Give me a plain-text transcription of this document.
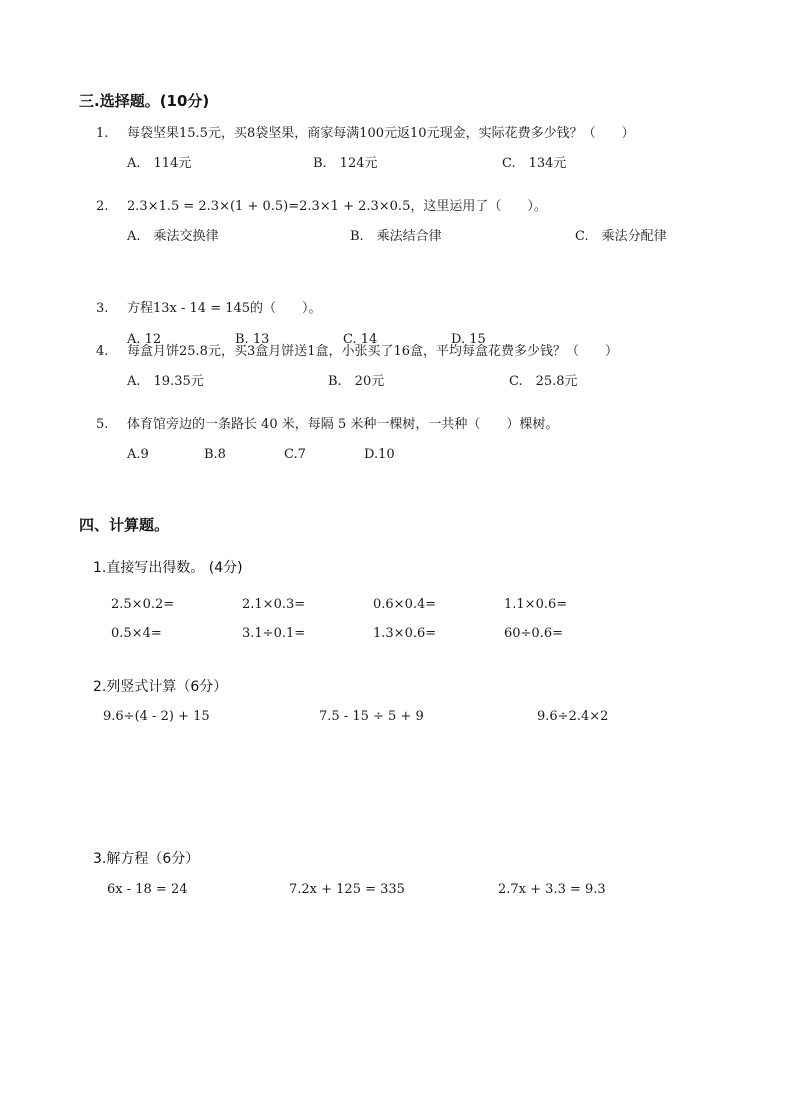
三.选择题。(10分)
1. 每袋坚果15.5元，买8袋坚果，商家每满100元返10元现金，实际花费多少钱？（　　）
A.　114元	B.　124元	C.　134元
2. 2.3×1.5 = 2.3×(1 + 0.5)=2.3×1 + 2.3×0.5，这里运用了（　　）。
A.　乘法交换律	B.　乘法结合律	C.　乘法分配律
3. 方程13x - 14 = 145的（　　）。
A. 12	B. 13	C. 14	D. 15
4. 每盒月饼25.8元，买3盒月饼送1盒，小张买了16盒，平均每盒花费多少钱？（　　）
A.　19.35元	B.　20元	C.　25.8元
5. 体育馆旁边的一条路长 40 米，每隔 5 米种一棵树，一共种（　　）棵树。
A.9	B.8	C.7	D.10
四、计算题。
1.直接写出得数。 (4分)
2.5×0.2=	2.1×0.3=	0.6×0.4=	1.1×0.6=
0.5×4=	3.1÷0.1=	1.3×0.6=	60÷0.6=
2.列竖式计算（6分）
9.6÷(4 - 2) + 15	7.5 - 15 ÷ 5 + 9	9.6÷2.4×2
3.解方程（6分）
6x - 18 = 24	7.2x + 125 = 335	2.7x + 3.3 = 9.3
